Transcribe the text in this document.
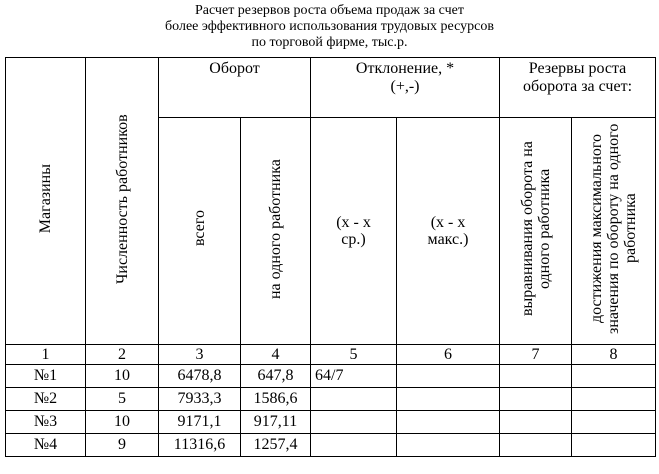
Расчет резервов роста объема продаж за счет
более эффективного использования трудовых ресурсов
по торговой фирме, тыс.р.
Магазины	Численность работников	Оборот		Отклонение, * (+,-)		Резервы роста оборота за счет:	
		всего	на одного работника	(x - x ср.)	(x - x макс.)	выравнивания оборота на одного работника	достижения максимального значения по обороту на одного работника
1	2	3	4	5	6	7	8
№1	10	6478,8	647,8	64/7			
№2	5	7933,3	1586,6				
№3	10	9171,1	917,11				
№4	9	11316,6	1257,4				
